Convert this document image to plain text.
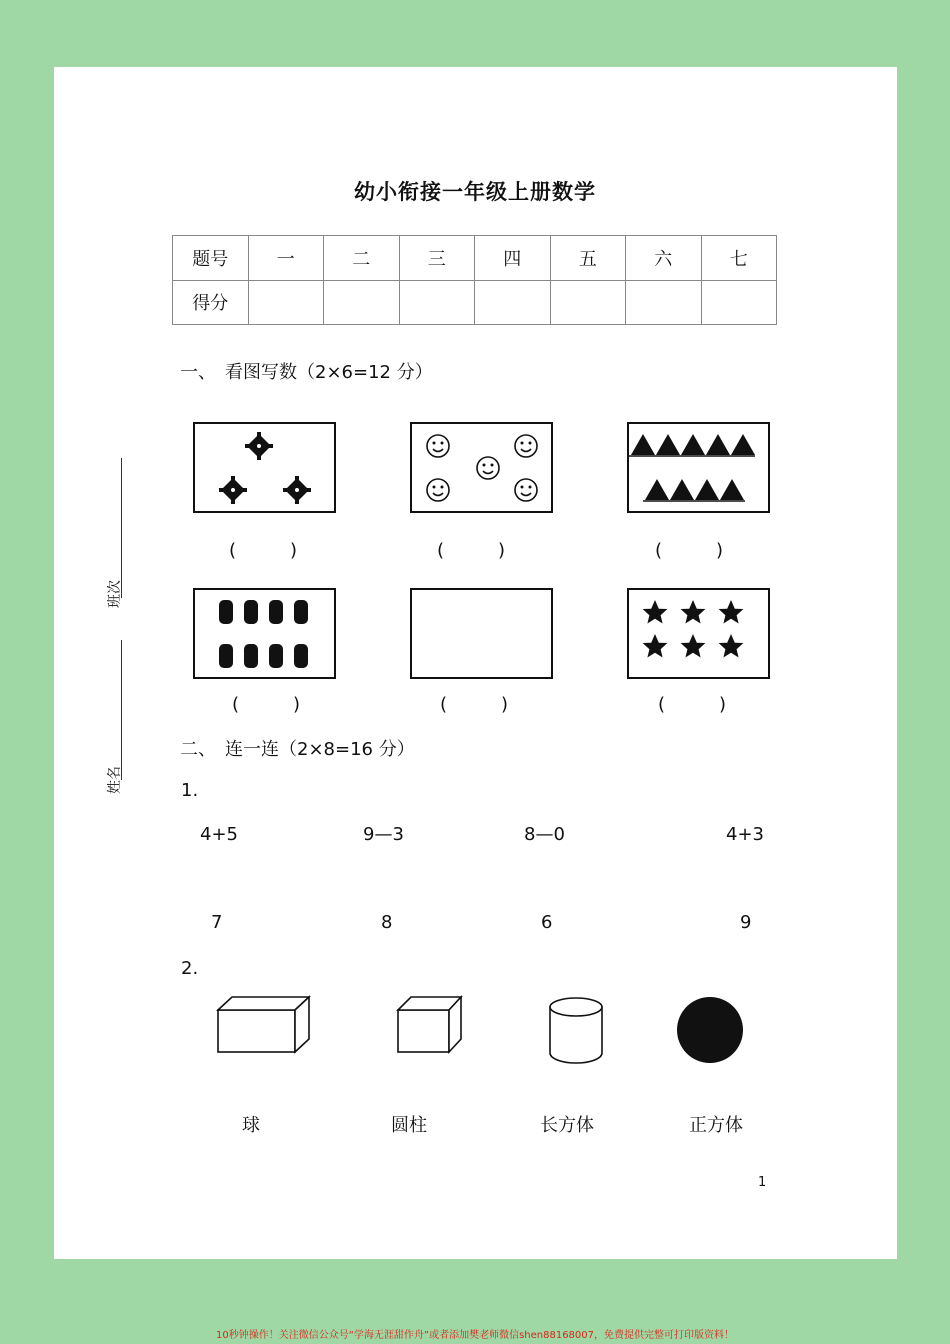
幼小衔接一年级上册数学
题号	一	二	三	四	五	六	七
得分							
班次
姓名
一、　看图写数（2×6=12 分）
(　　　)	(　　　)	(　　　)
(　　　)	(　　　)	(　　　)
二、　连一连（2×8=16 分）
1.
4+5	9—3	8—0	4+3
7	8	6	9
2.
球	圆柱	长方体	正方体
1
10秒钟操作！关注微信公众号“学海无涯甜作舟”或者添加樊老师微信shen88168007，免费提供完整可打印版资料！
